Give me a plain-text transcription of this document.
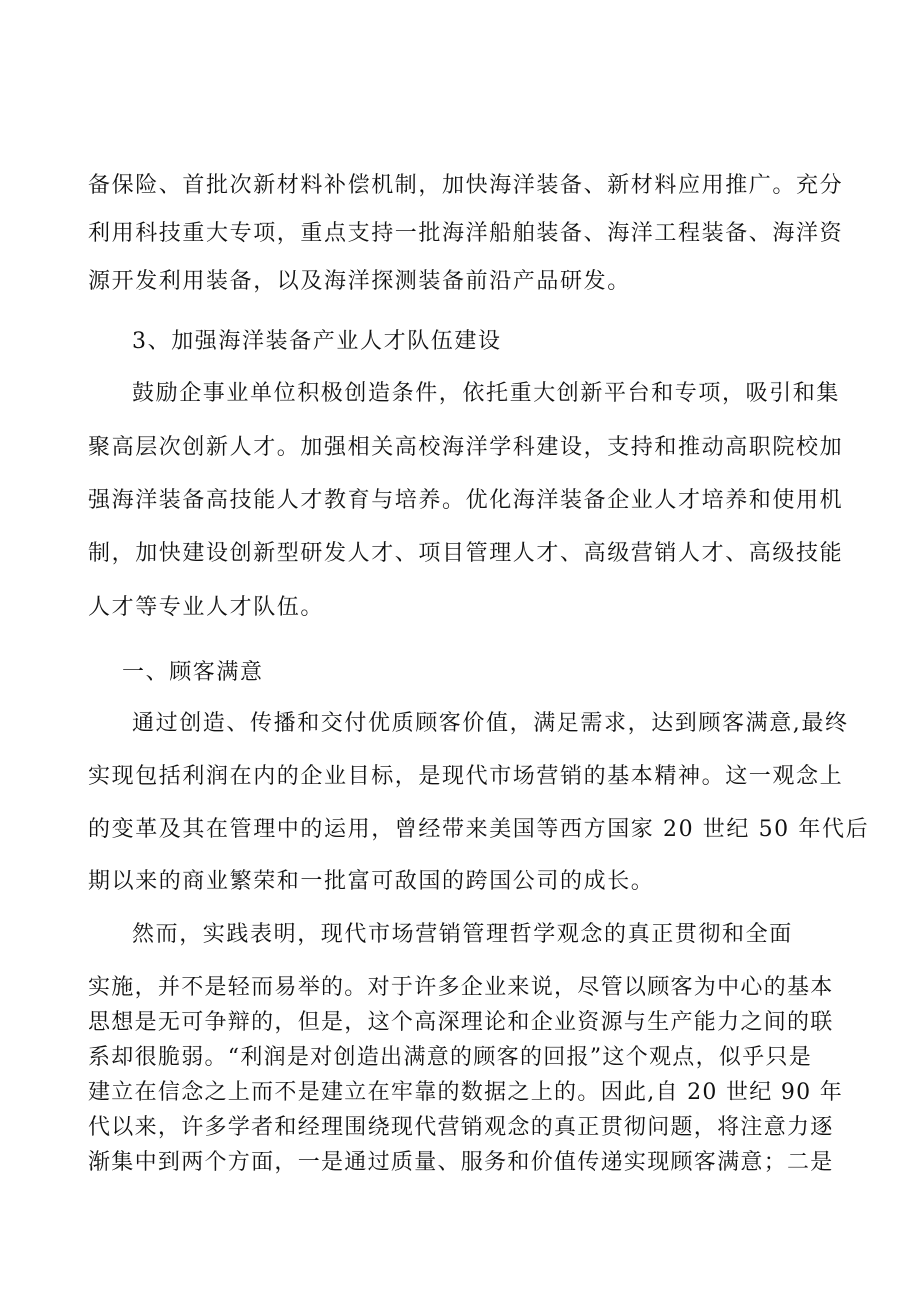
备保险、首批次新材料补偿机制，加快海洋装备、新材料应用推广。充分
利用科技重大专项，重点支持一批海洋船舶装备、海洋工程装备、海洋资
源开发利用装备，以及海洋探测装备前沿产品研发。
3、加强海洋装备产业人才队伍建设
鼓励企事业单位积极创造条件，依托重大创新平台和专项，吸引和集
聚高层次创新人才。加强相关高校海洋学科建设，支持和推动高职院校加
强海洋装备高技能人才教育与培养。优化海洋装备企业人才培养和使用机
制，加快建设创新型研发人才、项目管理人才、高级营销人才、高级技能
人才等专业人才队伍。
一、顾客满意
通过创造、传播和交付优质顾客价值，满足需求，达到顾客满意,最终
实现包括利润在内的企业目标，是现代市场营销的基本精神。这一观念上
的变革及其在管理中的运用，曾经带来美国等西方国家 20 世纪 50 年代后
期以来的商业繁荣和一批富可敌国的跨国公司的成长。
然而，实践表明，现代市场营销管理哲学观念的真正贯彻和全面
实施，并不是轻而易举的。对于许多企业来说，尽管以顾客为中心的基本
思想是无可争辩的，但是，这个高深理论和企业资源与生产能力之间的联
系却很脆弱。“利润是对创造出满意的顾客的回报”这个观点，似乎只是
建立在信念之上而不是建立在牢靠的数据之上的。因此,自 20 世纪 90 年
代以来，许多学者和经理围绕现代营销观念的真正贯彻问题，将注意力逐
渐集中到两个方面，一是通过质量、服务和价值传递实现顾客满意；二是
